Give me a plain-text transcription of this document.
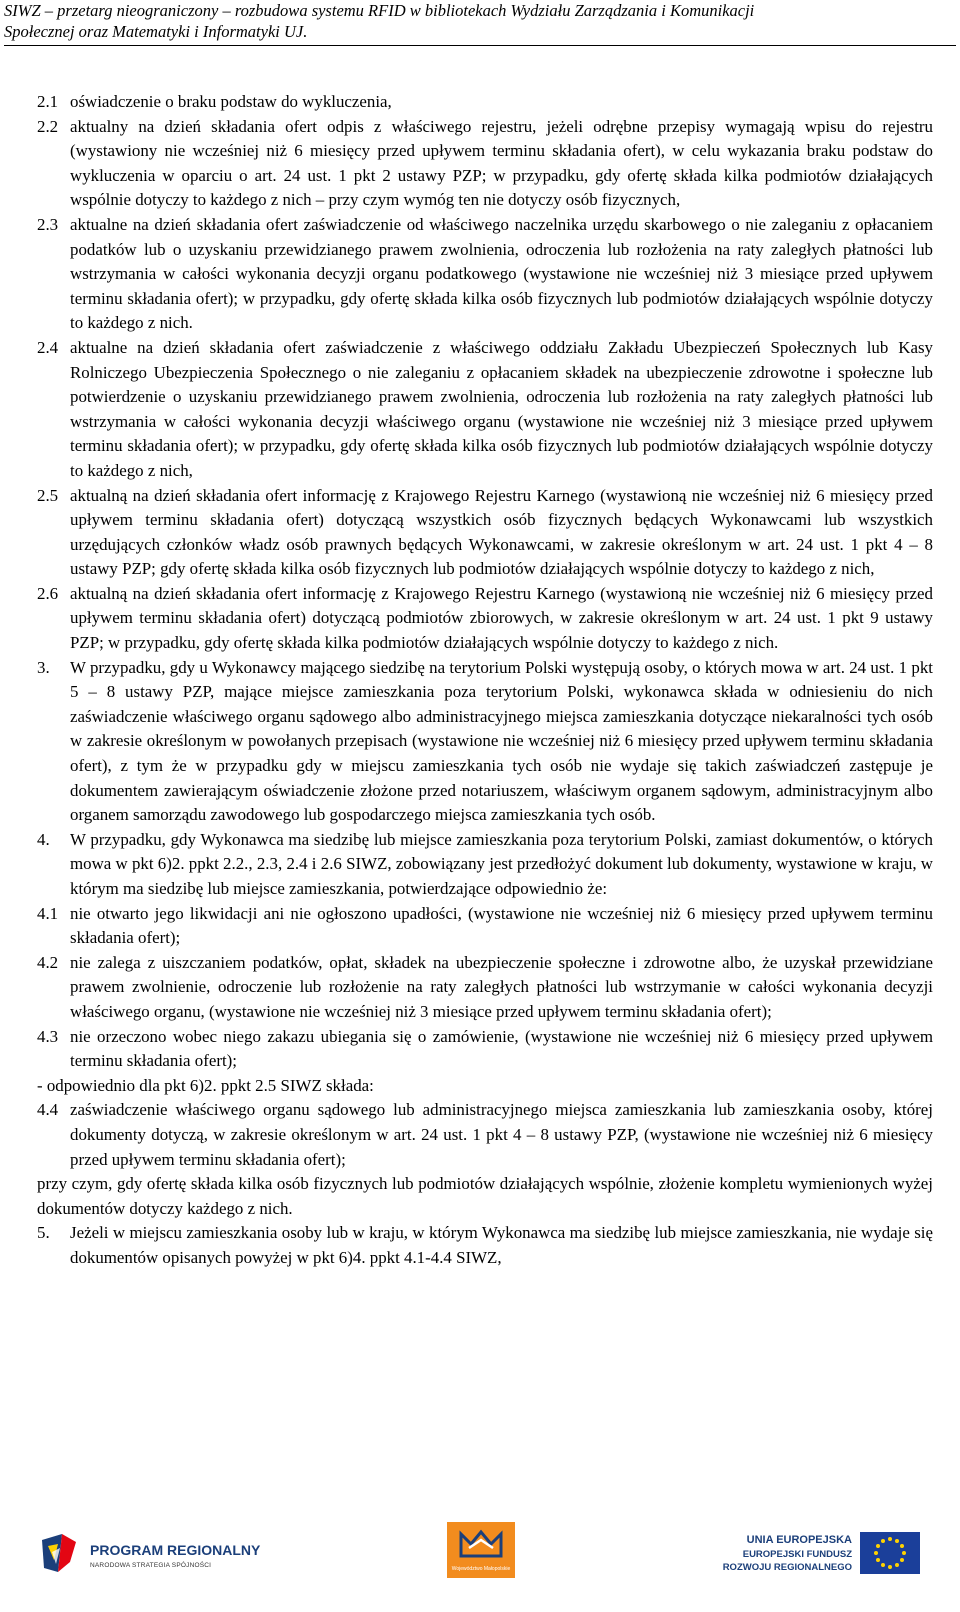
SIWZ – przetarg nieograniczony – rozbudowa systemu RFID w bibliotekach Wydziału Zarządzania i Komunikacji
Społecznej oraz Matematyki i Informatyki UJ.
2.1 oświadczenie o braku podstaw do wykluczenia,
2.2 aktualny na dzień składania ofert odpis z właściwego rejestru, jeżeli odrębne przepisy wymagają wpisu do rejestru (wystawiony nie wcześniej niż 6 miesięcy przed upływem terminu składania ofert), w celu wykazania braku podstaw do wykluczenia w oparciu o art. 24 ust. 1 pkt 2 ustawy PZP; w przypadku, gdy ofertę składa kilka podmiotów działających wspólnie dotyczy to każdego z nich – przy czym wymóg ten nie dotyczy osób fizycznych,
2.3 aktualne na dzień składania ofert zaświadczenie od właściwego naczelnika urzędu skarbowego o nie zaleganiu z opłacaniem podatków lub o uzyskaniu przewidzianego prawem zwolnienia, odroczenia lub rozłożenia na raty zaległych płatności lub wstrzymania w całości wykonania decyzji organu podatkowego (wystawione nie wcześniej niż 3 miesiące przed upływem terminu składania ofert); w przypadku, gdy ofertę składa kilka osób fizycznych lub podmiotów działających wspólnie dotyczy to każdego z nich.
2.4 aktualne na dzień składania ofert zaświadczenie z właściwego oddziału Zakładu Ubezpieczeń Społecznych lub Kasy Rolniczego Ubezpieczenia Społecznego o nie zaleganiu z opłacaniem składek na ubezpieczenie zdrowotne i społeczne lub potwierdzenie o uzyskaniu przewidzianego prawem zwolnienia, odroczenia lub rozłożenia na raty zaległych płatności lub wstrzymania w całości wykonania decyzji właściwego organu (wystawione nie wcześniej niż 3 miesiące przed upływem terminu składania ofert); w przypadku, gdy ofertę składa kilka osób fizycznych lub podmiotów działających wspólnie dotyczy to każdego z nich,
2.5 aktualną na dzień składania ofert informację z Krajowego Rejestru Karnego (wystawioną nie wcześniej niż 6 miesięcy przed upływem terminu składania ofert) dotyczącą wszystkich osób fizycznych będących Wykonawcami lub wszystkich urzędujących członków władz osób prawnych będących Wykonawcami, w zakresie określonym w art. 24 ust. 1 pkt 4 – 8 ustawy PZP; gdy ofertę składa kilka osób fizycznych lub podmiotów działających wspólnie dotyczy to każdego z nich,
2.6 aktualną na dzień składania ofert informację z Krajowego Rejestru Karnego (wystawioną nie wcześniej niż 6 miesięcy przed upływem terminu składania ofert) dotyczącą podmiotów zbiorowych, w zakresie określonym w art. 24 ust. 1 pkt 9 ustawy PZP; w przypadku, gdy ofertę składa kilka podmiotów działających wspólnie dotyczy to każdego z nich.
3. W przypadku, gdy u Wykonawcy mającego siedzibę na terytorium Polski występują osoby, o których mowa w art. 24 ust. 1 pkt 5 – 8 ustawy PZP, mające miejsce zamieszkania poza terytorium Polski, wykonawca składa w odniesieniu do nich zaświadczenie właściwego organu sądowego albo administracyjnego miejsca zamieszkania dotyczące niekaralności tych osób w zakresie określonym w powołanych przepisach (wystawione nie wcześniej niż 6 miesięcy przed upływem terminu składania ofert), z tym że w przypadku gdy w miejscu zamieszkania tych osób nie wydaje się takich zaświadczeń zastępuje je dokumentem zawierającym oświadczenie złożone przed notariuszem, właściwym organem sądowym, administracyjnym albo organem samorządu zawodowego lub gospodarczego miejsca zamieszkania tych osób.
4. W przypadku, gdy Wykonawca ma siedzibę lub miejsce zamieszkania poza terytorium Polski, zamiast dokumentów, o których mowa w pkt 6)2. ppkt 2.2., 2.3, 2.4 i 2.6 SIWZ, zobowiązany jest przedłożyć dokument lub dokumenty, wystawione w kraju, w którym ma siedzibę lub miejsce zamieszkania, potwierdzające odpowiednio że:
4.1 nie otwarto jego likwidacji ani nie ogłoszono upadłości, (wystawione nie wcześniej niż 6 miesięcy przed upływem terminu składania ofert);
4.2 nie zalega z uiszczaniem podatków, opłat, składek na ubezpieczenie społeczne i zdrowotne albo, że uzyskał przewidziane prawem zwolnienie, odroczenie lub rozłożenie na raty zaległych płatności lub wstrzymanie w całości wykonania decyzji właściwego organu, (wystawione nie wcześniej niż 3 miesiące przed upływem terminu składania ofert);
4.3 nie orzeczono wobec niego zakazu ubiegania się o zamówienie, (wystawione nie wcześniej niż 6 miesięcy przed upływem terminu składania ofert);
- odpowiednio dla pkt 6)2. ppkt 2.5 SIWZ składa:
4.4 zaświadczenie właściwego organu sądowego lub administracyjnego miejsca zamieszkania lub zamieszkania osoby, której dokumenty dotyczą, w zakresie określonym w art. 24 ust. 1 pkt 4 – 8 ustawy PZP, (wystawione nie wcześniej niż 6 miesięcy przed upływem terminu składania ofert);
przy czym, gdy ofertę składa kilka osób fizycznych lub podmiotów działających wspólnie, złożenie kompletu wymienionych wyżej dokumentów dotyczy każdego z nich.
5. Jeżeli w miejscu zamieszkania osoby lub w kraju, w którym Wykonawca ma siedzibę lub miejsce zamieszkania, nie wydaje się dokumentów opisanych powyżej w pkt 6)4. ppkt 4.1-4.4 SIWZ,
PROGRAM REGIONALNY
NARODOWA STRATEGIA SPÓJNOŚCI	Województwo Małopolskie
UNIA EUROPEJSKA
EUROPEJSKI FUNDUSZ
ROZWOJU REGIONALNEGO
